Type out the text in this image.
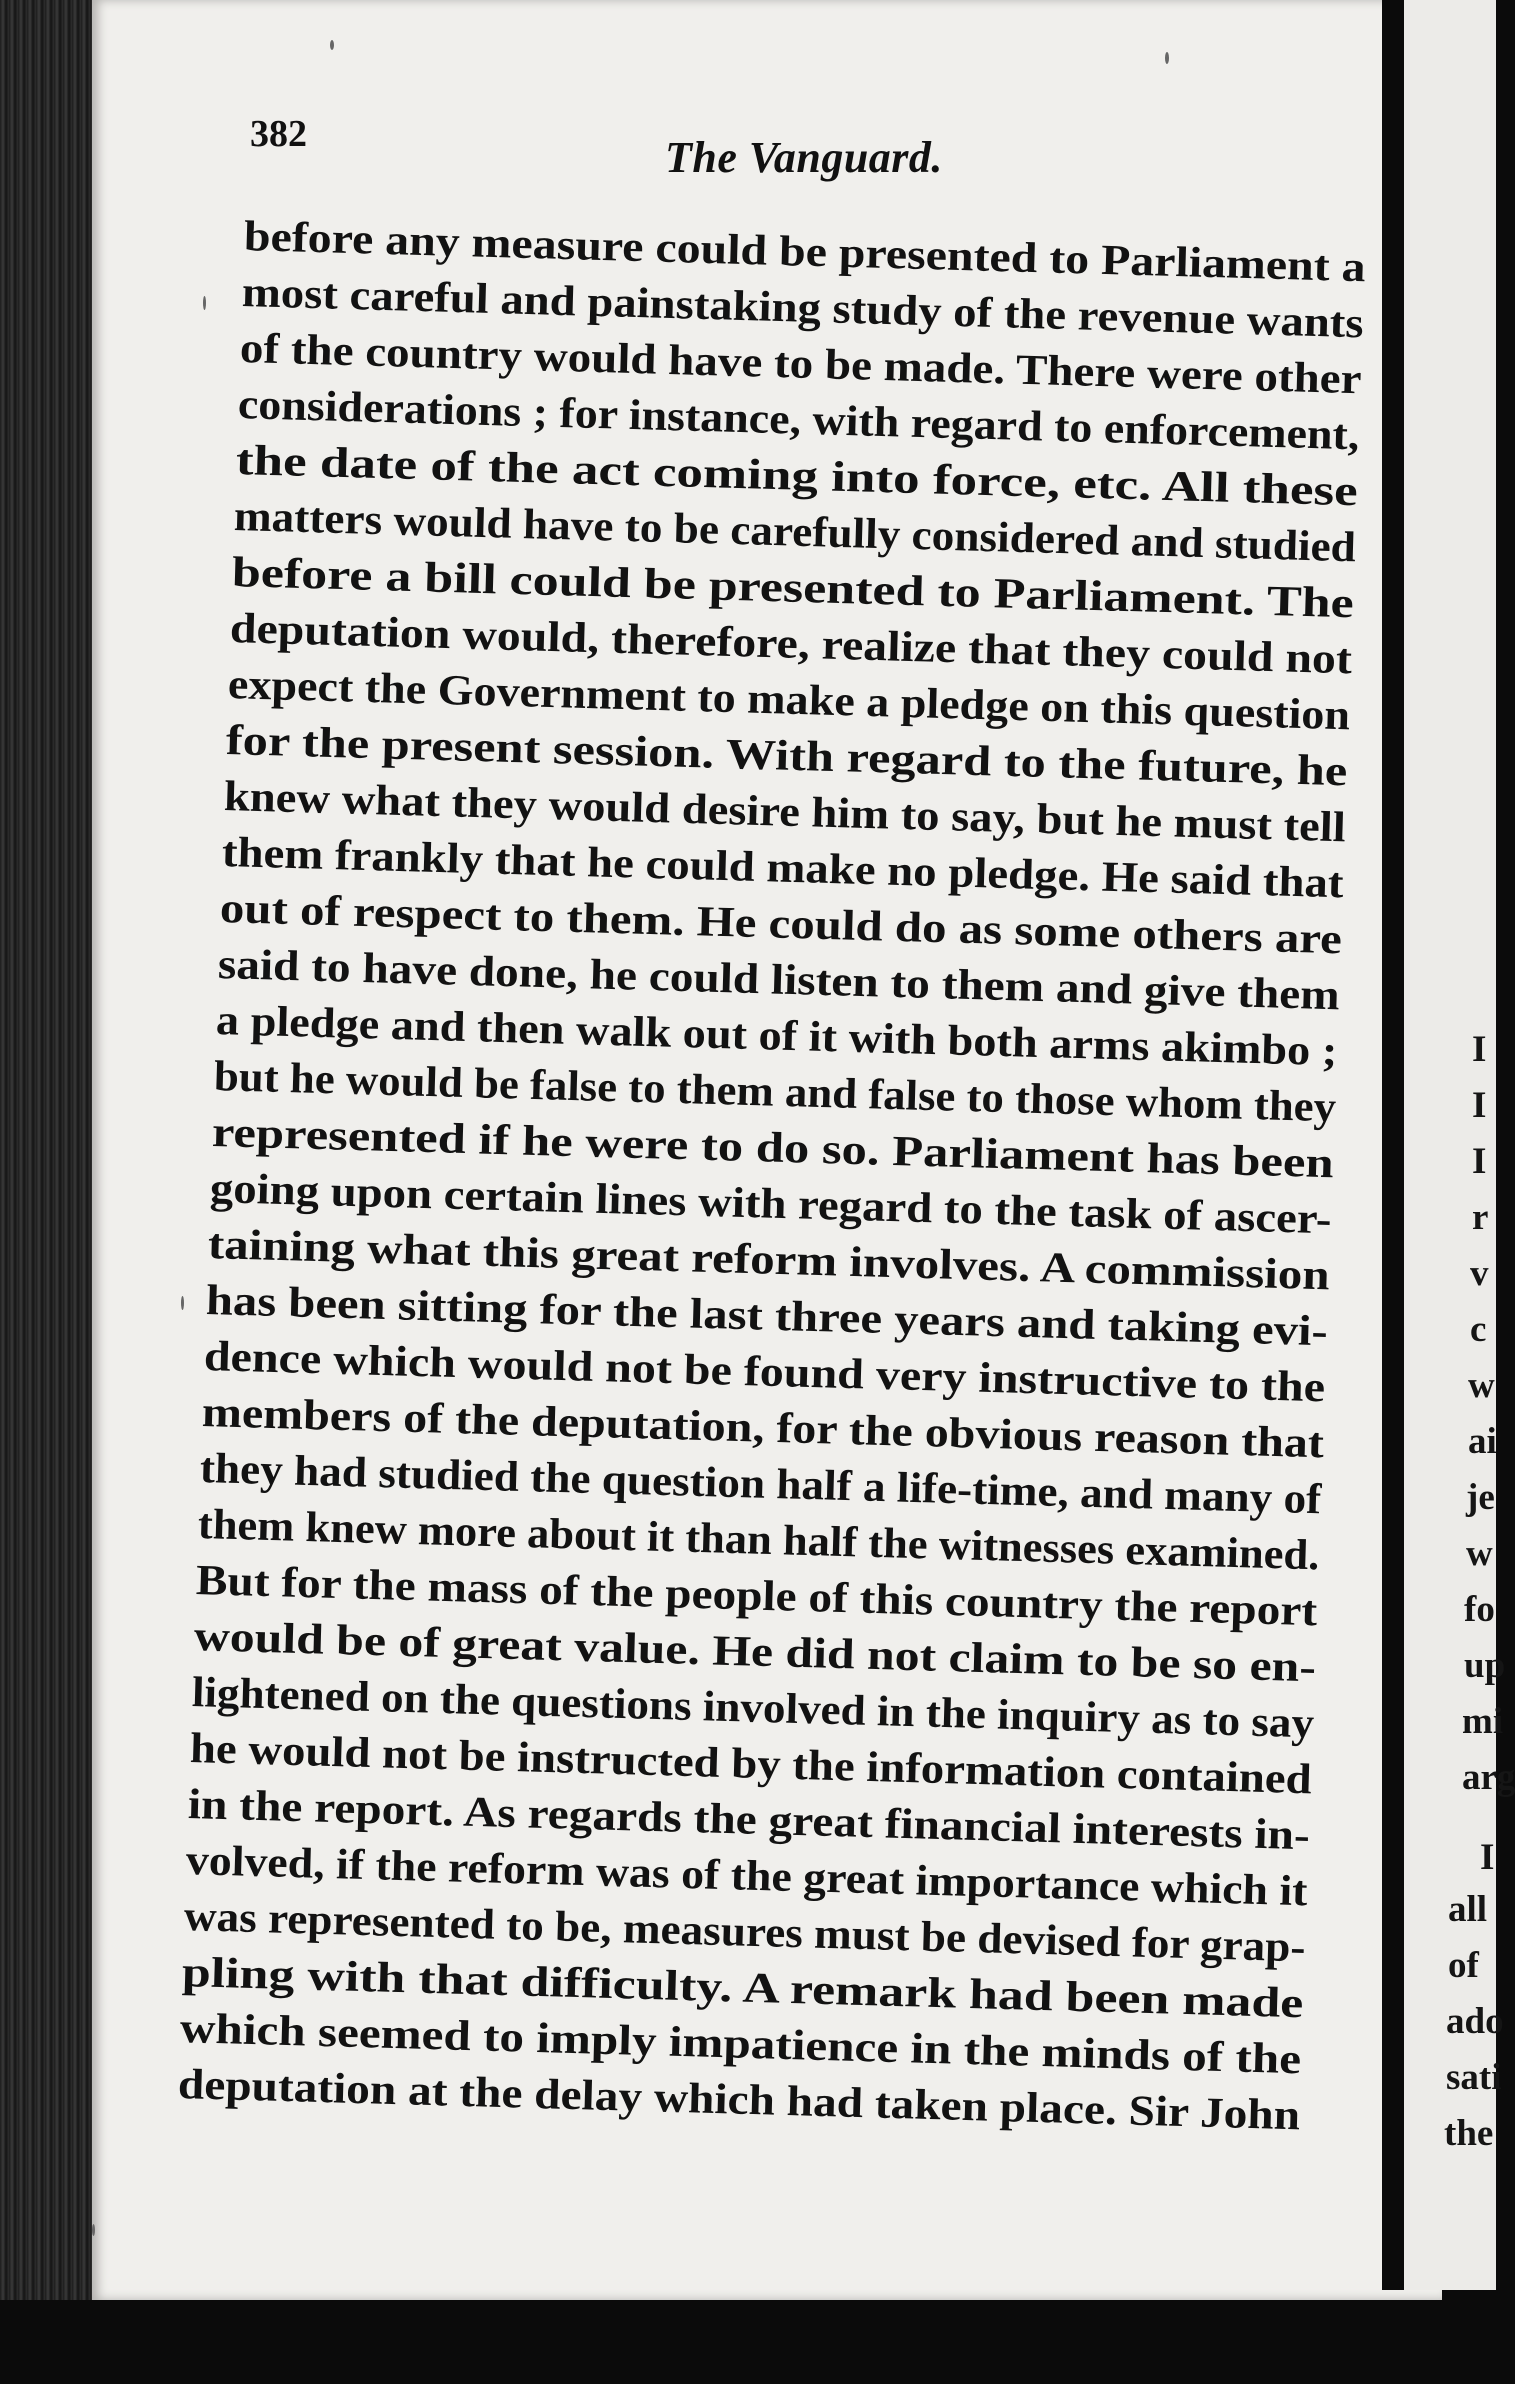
382	The Vanguard.
before any measure could be presented to Parliament a
most careful and painstaking study of the revenue wants
of the country would have to be made. There were other
considerations ; for instance, with regard to enforcement,
the date of the act coming into force, etc. All these
matters would have to be carefully considered and studied
before a bill could be presented to Parliament. The
deputation would, therefore, realize that they could not
expect the Government to make a pledge on this question
for the present session. With regard to the future, he
knew what they would desire him to say, but he must tell
them frankly that he could make no pledge. He said that
out of respect to them. He could do as some others are
said to have done, he could listen to them and give them
a pledge and then walk out of it with both arms akimbo ;
but he would be false to them and false to those whom they
represented if he were to do so. Parliament has been
going upon certain lines with regard to the task of ascer-
taining what this great reform involves. A commission
has been sitting for the last three years and taking evi-
dence which would not be found very instructive to the
members of the deputation, for the obvious reason that
they had studied the question half a life-time, and many of
them knew more about it than half the witnesses examined.
But for the mass of the people of this country the report
would be of great value. He did not claim to be so en-
lightened on the questions involved in the inquiry as to say
he would not be instructed by the information contained
in the report. As regards the great financial interests in-
volved, if the reform was of the great importance which it
was represented to be, measures must be devised for grap-
pling with that difficulty. A remark had been made
which seemed to imply impatience in the minds of the
deputation at the delay which had taken place. Sir John
I
I
I
r
v
c
w
ai
je
w
fo
up
mi
arg
I
all
of
ado
sati
the
